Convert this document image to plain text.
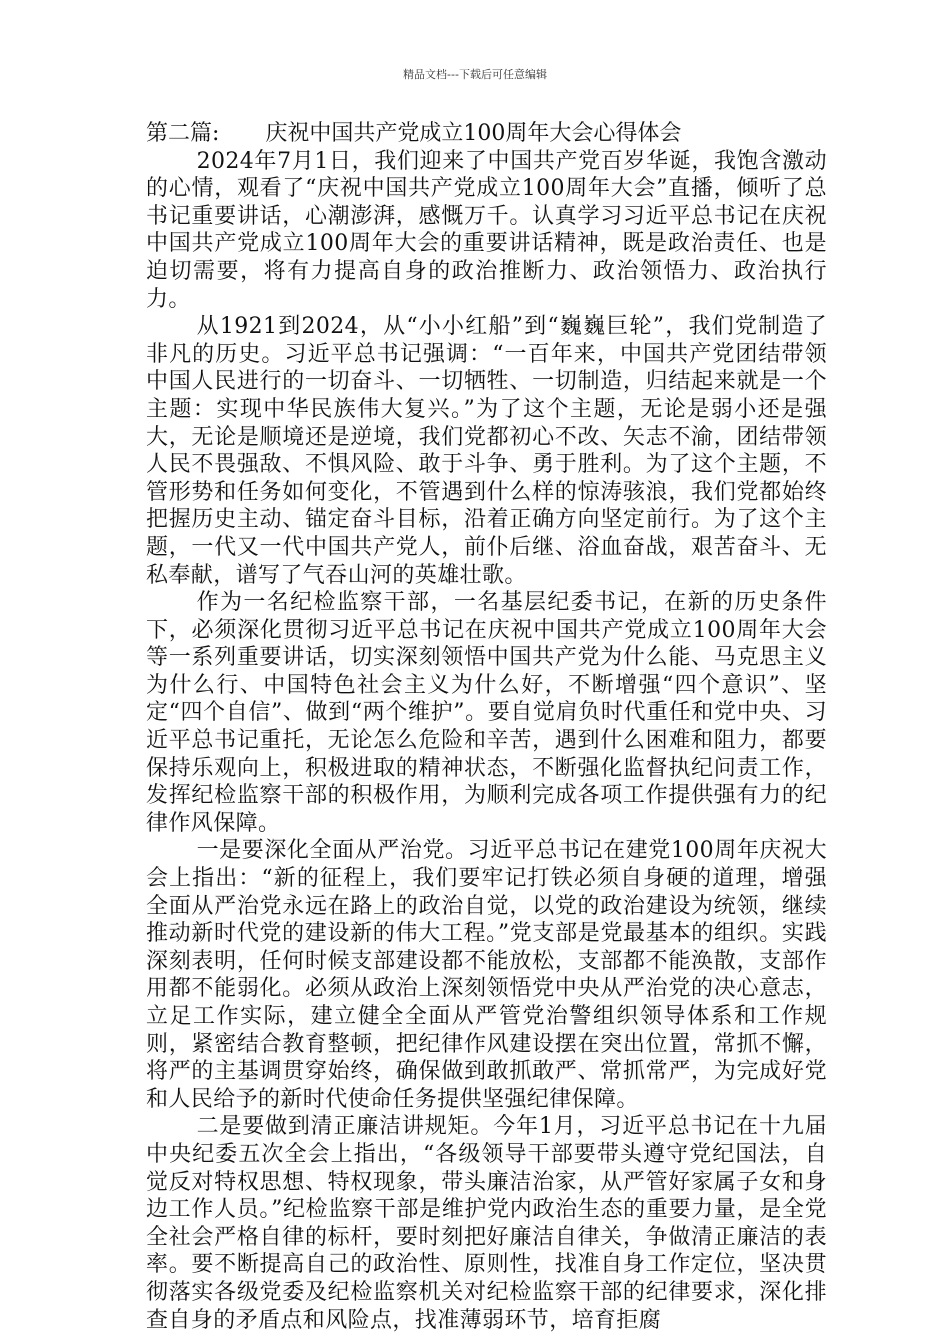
精品文档---下载后可任意编辑
第二篇: 庆祝中国共产党成立100周年大会心得体会

2024年7月1日，我们迎来了中国共产党百岁华诞，我饱含激动的心情，观看了“庆祝中国共产党成立100周年大会”直播，倾听了总书记重要讲话，心潮澎湃，感慨万千。认真学习习近平总书记在庆祝中国共产党成立100周年大会的重要讲话精神，既是政治责任、也是迫切需要，将有力提高自身的政治推断力、政治领悟力、政治执行力。

从1921到2024，从“小小红船”到“巍巍巨轮”，我们党制造了非凡的历史。习近平总书记强调：“一百年来，中国共产党团结带领中国人民进行的一切奋斗、一切牺牲、一切制造，归结起来就是一个主题：实现中华民族伟大复兴。”为了这个主题，无论是弱小还是强大，无论是顺境还是逆境，我们党都初心不改、矢志不渝，团结带领人民不畏强敌、不惧风险、敢于斗争、勇于胜利。为了这个主题，不管形势和任务如何变化，不管遇到什么样的惊涛骇浪，我们党都始终把握历史主动、锚定奋斗目标，沿着正确方向坚定前行。为了这个主题，一代又一代中国共产党人，前仆后继、浴血奋战，艰苦奋斗、无私奉献，谱写了气吞山河的英雄壮歌。

作为一名纪检监察干部，一名基层纪委书记，在新的历史条件下，必须深化贯彻习近平总书记在庆祝中国共产党成立100周年大会等一系列重要讲话，切实深刻领悟中国共产党为什么能、马克思主义为什么行、中国特色社会主义为什么好，不断增强“四个意识”、坚定“四个自信”、做到“两个维护”。要自觉肩负时代重任和党中央、习近平总书记重托，无论怎么危险和辛苦，遇到什么困难和阻力，都要保持乐观向上，积极进取的精神状态，不断强化监督执纪问责工作，发挥纪检监察干部的积极作用，为顺利完成各项工作提供强有力的纪律作风保障。

一是要深化全面从严治党。习近平总书记在建党100周年庆祝大会上指出：“新的征程上，我们要牢记打铁必须自身硬的道理，增强全面从严治党永远在路上的政治自觉，以党的政治建设为统领，继续推动新时代党的建设新的伟大工程。”党支部是党最基本的组织。实践深刻表明，任何时候支部建设都不能放松，支部都不能涣散，支部作用都不能弱化。必须从政治上深刻领悟党中央从严治党的决心意志，立足工作实际，建立健全全面从严管党治警组织领导体系和工作规则，紧密结合教育整顿，把纪律作风建设摆在突出位置，常抓不懈，将严的主基调贯穿始终，确保做到敢抓敢严、常抓常严，为完成好党和人民给予的新时代使命任务提供坚强纪律保障。

二是要做到清正廉洁讲规矩。今年1月，习近平总书记在十九届中央纪委五次全会上指出，“各级领导干部要带头遵守党纪国法，自觉反对特权思想、特权现象，带头廉洁治家，从严管好家属子女和身边工作人员。”纪检监察干部是维护党内政治生态的重要力量，是全党全社会严格自律的标杆，要时刻把好廉洁自律关，争做清正廉洁的表率。要不断提高自己的政治性、原则性，找准自身工作定位，坚决贯彻落实各级党委及纪检监察机关对纪检监察干部的纪律要求，深化排查自身的矛盾点和风险点，找准薄弱环节，培育拒腐
